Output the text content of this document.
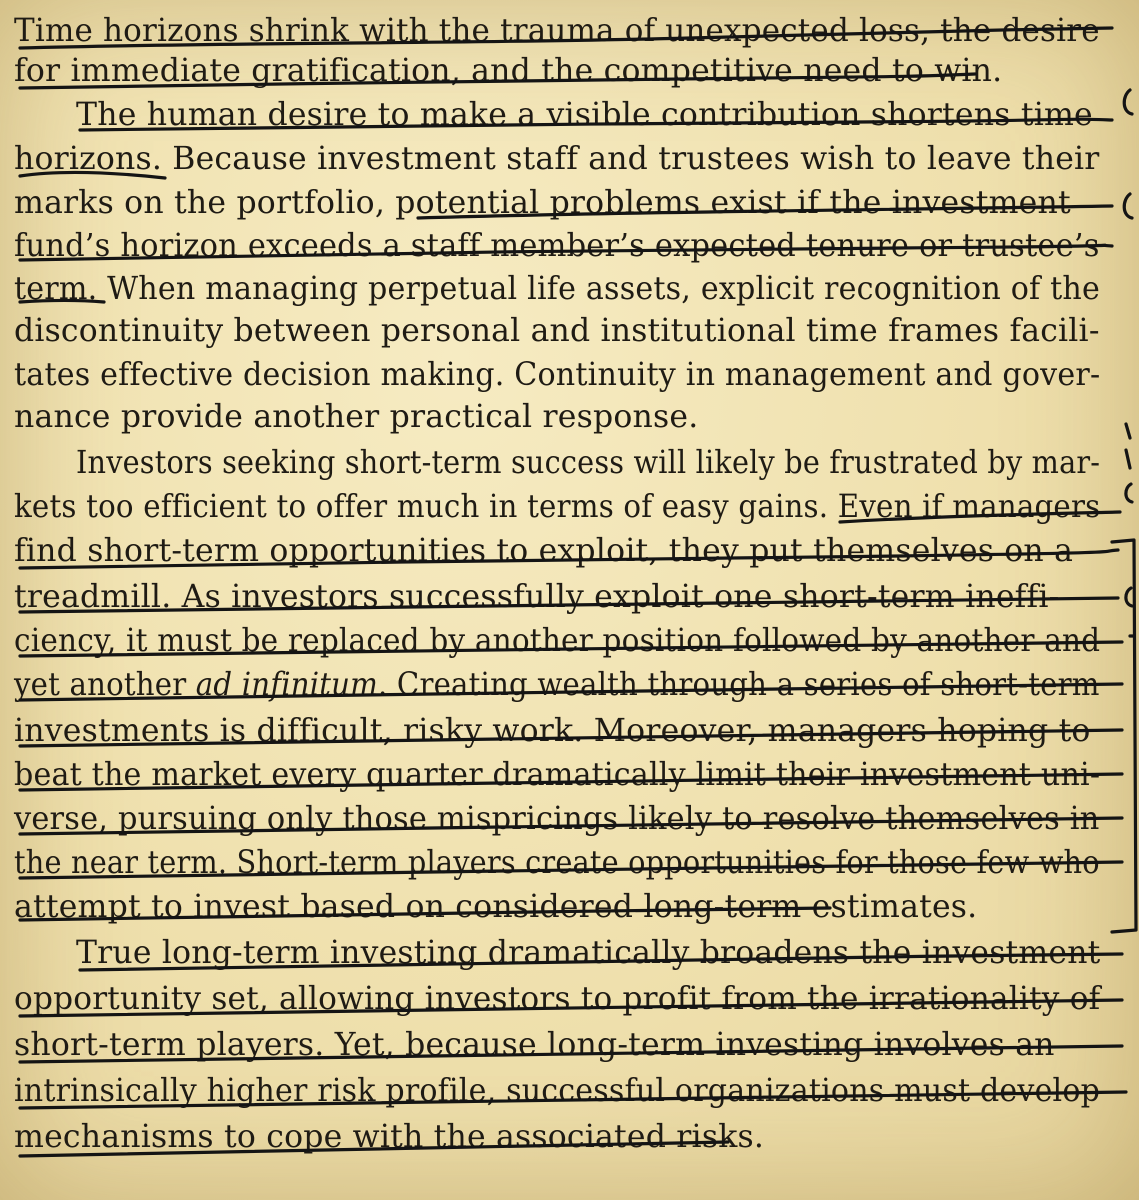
Time horizons shrink with the trauma of unexpected loss, the desire
for immediate gratification, and the competitive need to win.
The human desire to make a visible contribution shortens time
horizons. Because investment staff and trustees wish to leave their
marks on the portfolio, potential problems exist if the investment
fund’s horizon exceeds a staff member’s expected tenure or trustee’s
term. When managing perpetual life assets, explicit recognition of the
discontinuity between personal and institutional time frames facili-
tates effective decision making. Continuity in management and gover-
nance provide another practical response.
Investors seeking short-term success will likely be frustrated by mar-
kets too efficient to offer much in terms of easy gains. Even if managers
find short-term opportunities to exploit, they put themselves on a
treadmill. As investors successfully exploit one short-term ineffi-
ciency, it must be replaced by another position followed by another and
yet another ad infinitum. Creating wealth through a series of short-term
investments is difficult, risky work. Moreover, managers hoping to
beat the market every quarter dramatically limit their investment uni-
verse, pursuing only those mispricings likely to resolve themselves in
the near term. Short-term players create opportunities for those few who
attempt to invest based on considered long-term estimates.
True long-term investing dramatically broadens the investment
opportunity set, allowing investors to profit from the irrationality of
short-term players. Yet, because long-term investing involves an
intrinsically higher risk profile, successful organizations must develop
mechanisms to cope with the associated risks.
